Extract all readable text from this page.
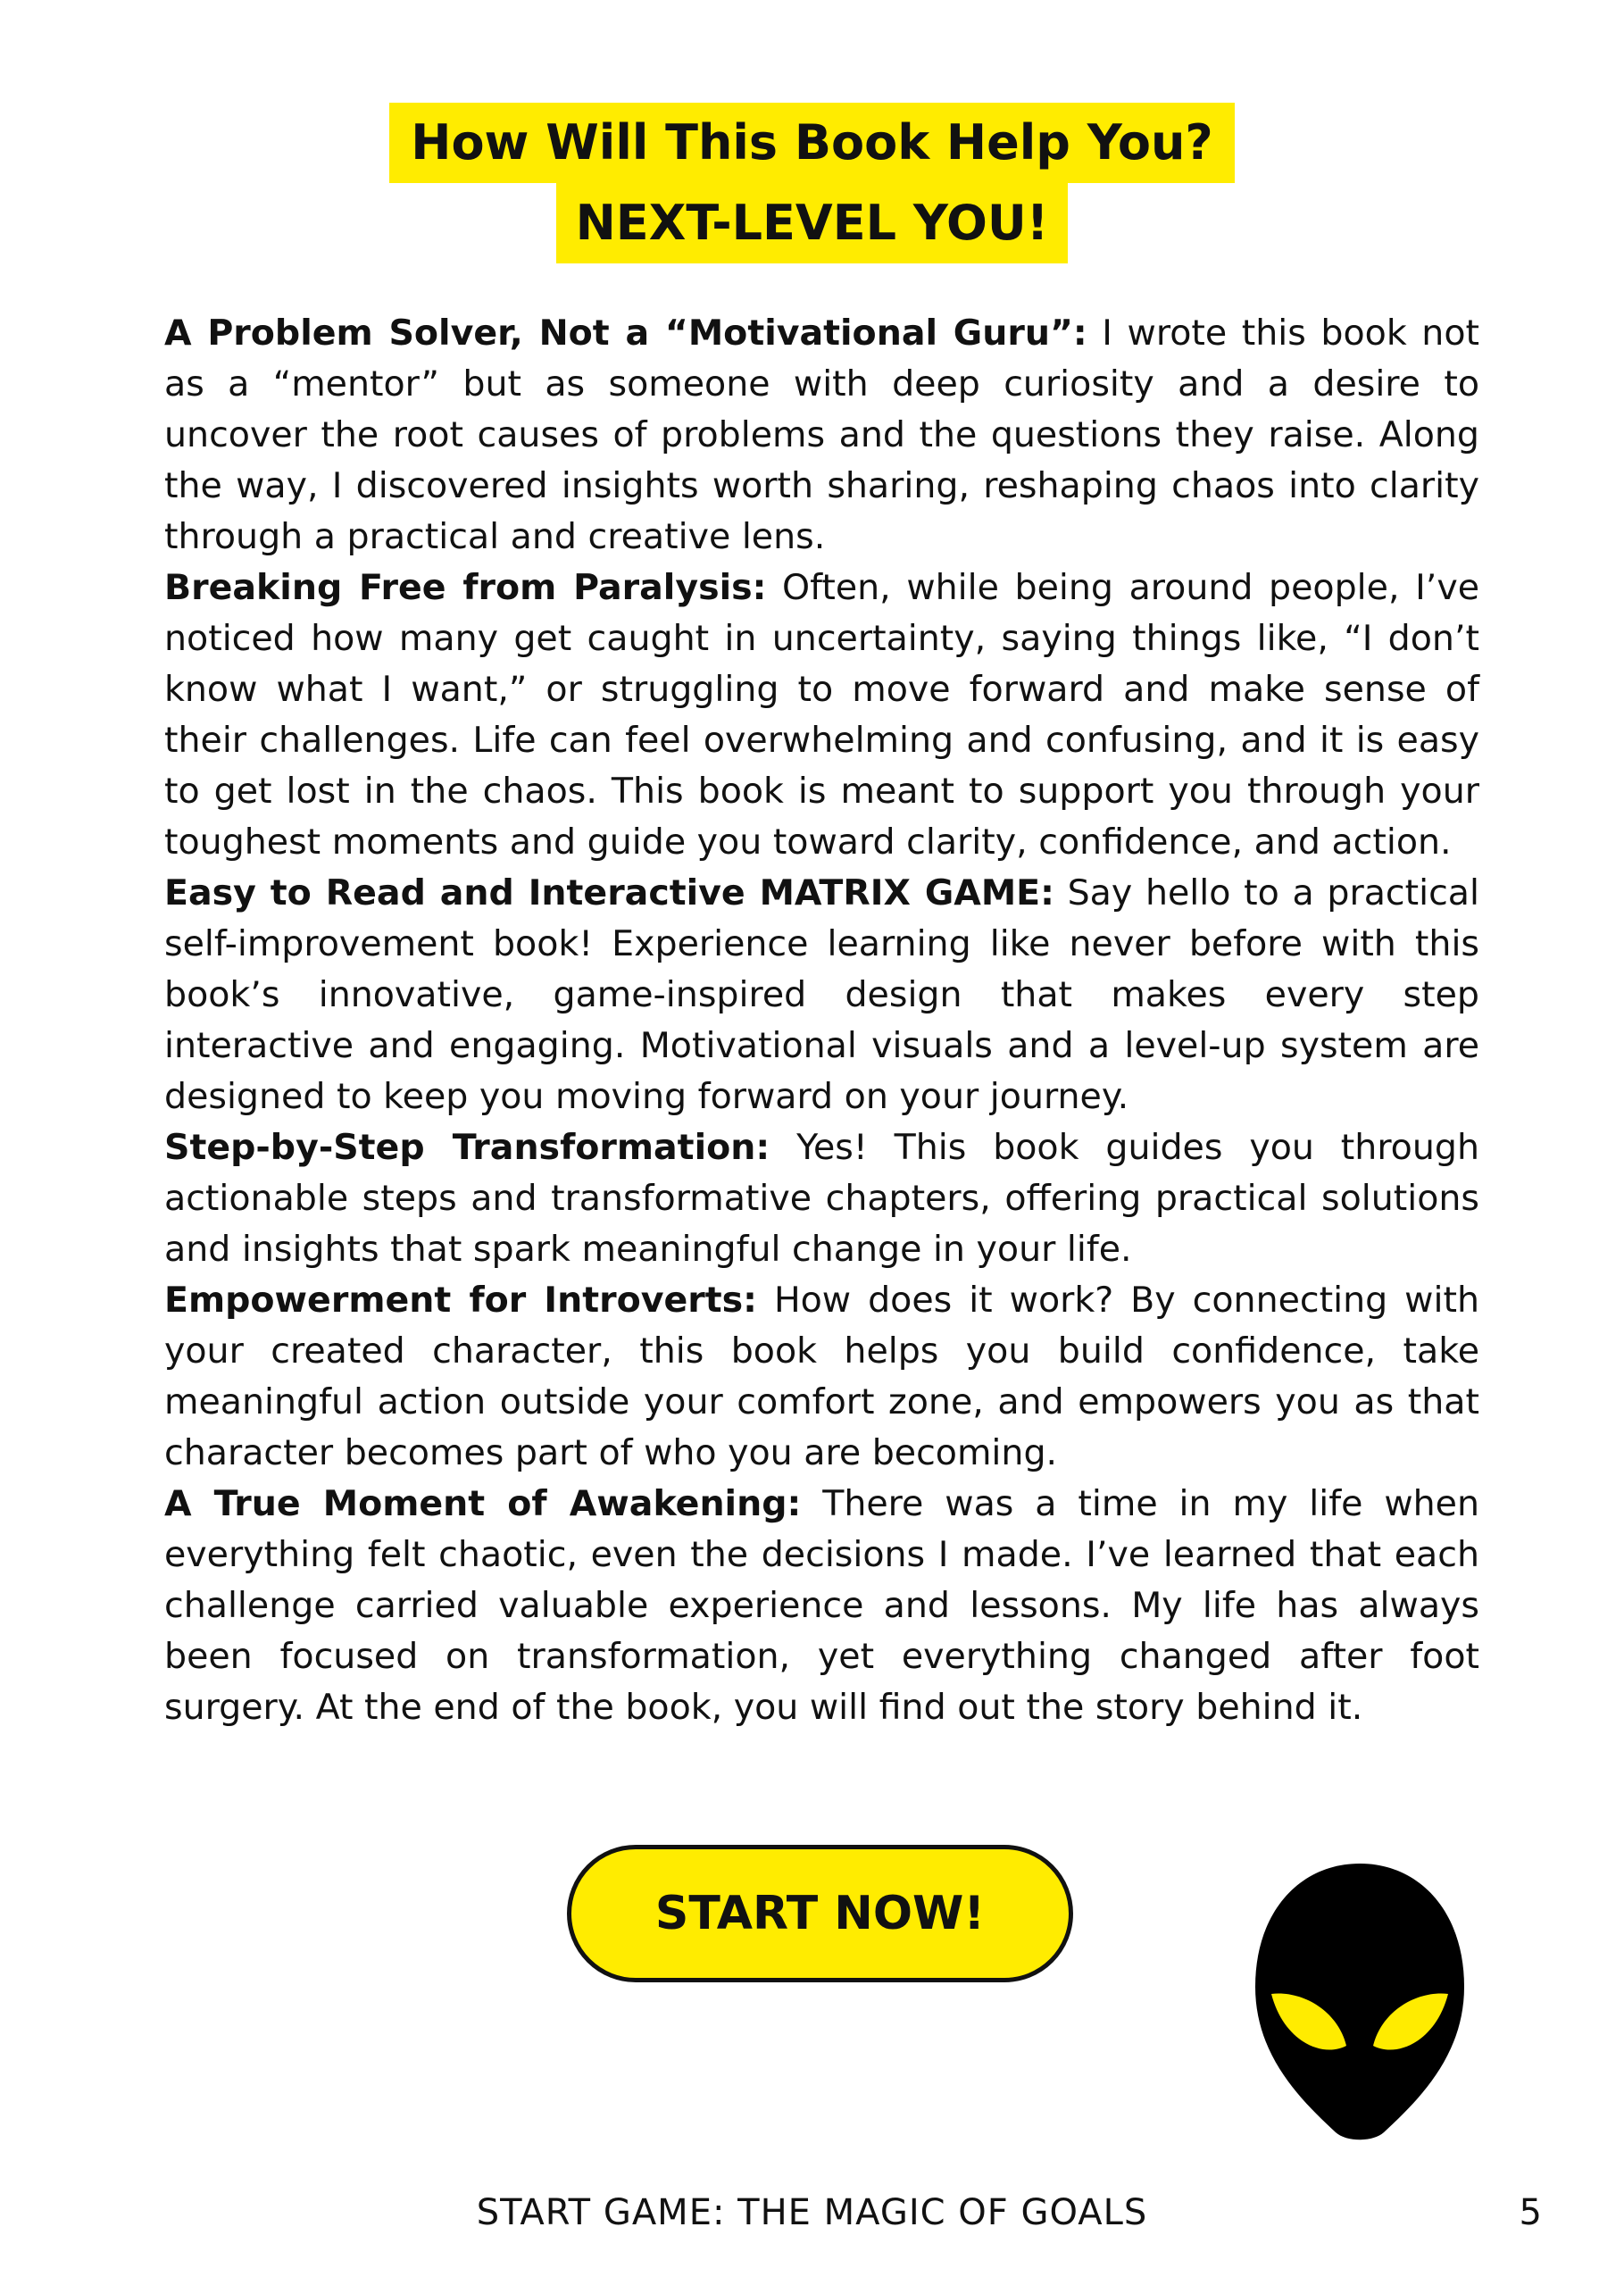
How Will This Book Help You?
NEXT-LEVEL YOU!

A Problem Solver, Not a “Motivational Guru”: I wrote this book not as a “mentor” but as someone with deep curiosity and a desire to uncover the root causes of problems and the questions they raise. Along the way, I discovered insights worth sharing, reshaping chaos into clarity through a practical and creative lens.

Breaking Free from Paralysis: Often, while being around people, I’ve noticed how many get caught in uncertainty, saying things like, “I don’t know what I want,” or struggling to move forward and make sense of their challenges. Life can feel overwhelming and confusing, and it is easy to get lost in the chaos. This book is meant to support you through your toughest moments and guide you toward clarity, confidence, and action.

Easy to Read and Interactive MATRIX GAME: Say hello to a practical self-improvement book! Experience learning like never before with this book’s innovative, game-inspired design that makes every step interactive and engaging. Motivational visuals and a level-up system are designed to keep you moving forward on your journey.

Step-by-Step Transformation: Yes! This book guides you through actionable steps and transformative chapters, offering practical solutions and insights that spark meaningful change in your life.

Empowerment for Introverts: How does it work? By connecting with your created character, this book helps you build confidence, take meaningful action outside your comfort zone, and empowers you as that character becomes part of who you are becoming.

A True Moment of Awakening: There was a time in my life when everything felt chaotic, even the decisions I made. I’ve learned that each challenge carried valuable experience and lessons. My life has always been focused on transformation, yet everything changed after foot surgery. At the end of the book, you will find out the story behind it.

START NOW!
START GAME: THE MAGIC OF GOALS	5
